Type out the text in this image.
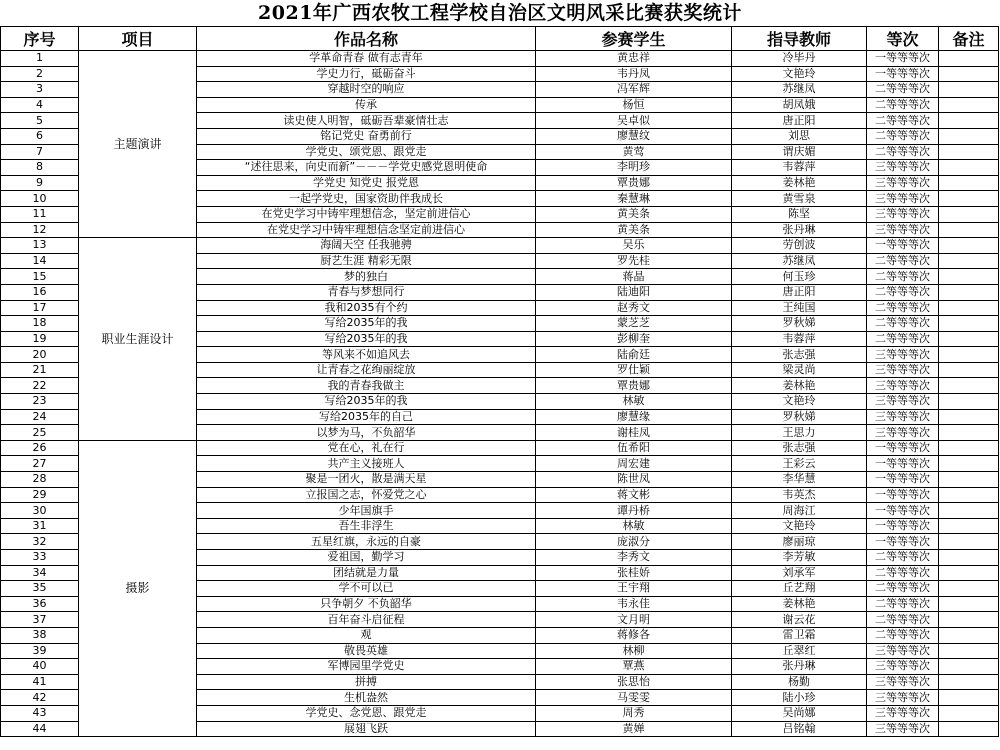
2021年广西农牧工程学校自治区文明风采比赛获奖统计
序号	项目	作品名称	参赛学生	指导教师	等次	备注
1	主题演讲	学革命青春 做有志青年	黄忠祥	冷毕丹	一等等等次	
2		学史力行，砥砺奋斗	韦丹凤	文艳玲	一等等等次	
3		穿越时空的响应	冯军辉	苏继凤	二等等等次	
4		传承	杨恒	胡凤娥	二等等等次	
5		读史使人明智，砥砺吾辈豪情壮志	吴卓似	唐正阳	二等等等次	
6		铭记党史 奋勇前行	廖慧纹	刘思	二等等等次	
7		学党史、颂党恩、跟党走	黄莺	谓庆媚	二等等等次	
8		“述往思来，向史而新”－－－学党史感党恩明使命	李明珍	韦蓉萍	三等等等次	
9		学党史 知党史 报党恩	覃贵娜	姜林艳	三等等等次	
10		一起学党史，国家资助伴我成长	秦慧琳	黄雪泉	三等等等次	
11		在党史学习中铸牢理想信念，坚定前进信心	黄美条	陈坚	三等等等次	
12		在党史学习中铸牢理想信念坚定前进信心	黄美条	张丹琳	三等等等次	
13	职业生涯设计	海阔天空 任我驰骋	吴乐	劳创波	一等等等次	
14		厨艺生涯 精彩无限	罗先桂	苏继凤	二等等等次	
15		梦的独白	蒋晶	何玉珍	二等等等次	
16		青春与梦想同行	陆迪阳	唐正阳	二等等等次	
17		我和2035有个约	赵秀文	王纯国	二等等等次	
18		写给2035年的我	蒙芝芝	罗秋娣	二等等等次	
19		写给2035年的我	彭柳奎	韦蓉萍	二等等等次	
20		等风来不如追风去	陆俞廷	张志强	三等等等次	
21		让青春之花绚丽绽放	罗仕颖	梁灵尚	三等等等次	
22		我的青春我做主	覃贵娜	姜林艳	三等等等次	
23		写给2035年的我	林敏	文艳玲	三等等等次	
24		写给2035年的自己	廖慧缘	罗秋娣	三等等等次	
25		以梦为马，不负韶华	谢桂凤	王思力	三等等等次	
26	摄影	党在心，礼在行	伍希阳	张志强	一等等等次	
27		共产主义接班人	周宏建	王彩云	一等等等次	
28		聚是一团火，散是满天星	陈世凤	李华慧	一等等等次	
29		立报国之志，怀爱党之心	蒋文彬	韦英杰	一等等等次	
30		少年国旗手	谭丹桥	周海江	一等等等次	
31		吾生非浮生	林敏	文艳玲	一等等等次	
32		五星红旗，永远的自豪	庞淑分	廖丽琼	一等等等次	
33		爱祖国，勤学习	李秀文	李芳敏	二等等等次	
34		团结就是力量	张桂娇	刘承军	二等等等次	
35		学不可以已	王宇翔	丘艺翔	二等等等次	
36		只争朝夕 不负韶华	韦永佳	姜林艳	二等等等次	
37		百年奋斗启征程	文月明	谢云花	二等等等次	
38		观	蒋修各	雷卫霜	二等等等次	
39		敬畏英雄	林柳	丘翠红	三等等等次	
40		军博园里学党史	覃燕	张丹琳	三等等等次	
41		拼搏	张思怡	杨勤	三等等等次	
42		生机盎然	马雯雯	陆小珍	三等等等次	
43		学党史、念党恩、跟党走	周秀	吴尚娜	三等等等次	
44		展翅飞跃	黄婵	吕铭翰	三等等等次	
